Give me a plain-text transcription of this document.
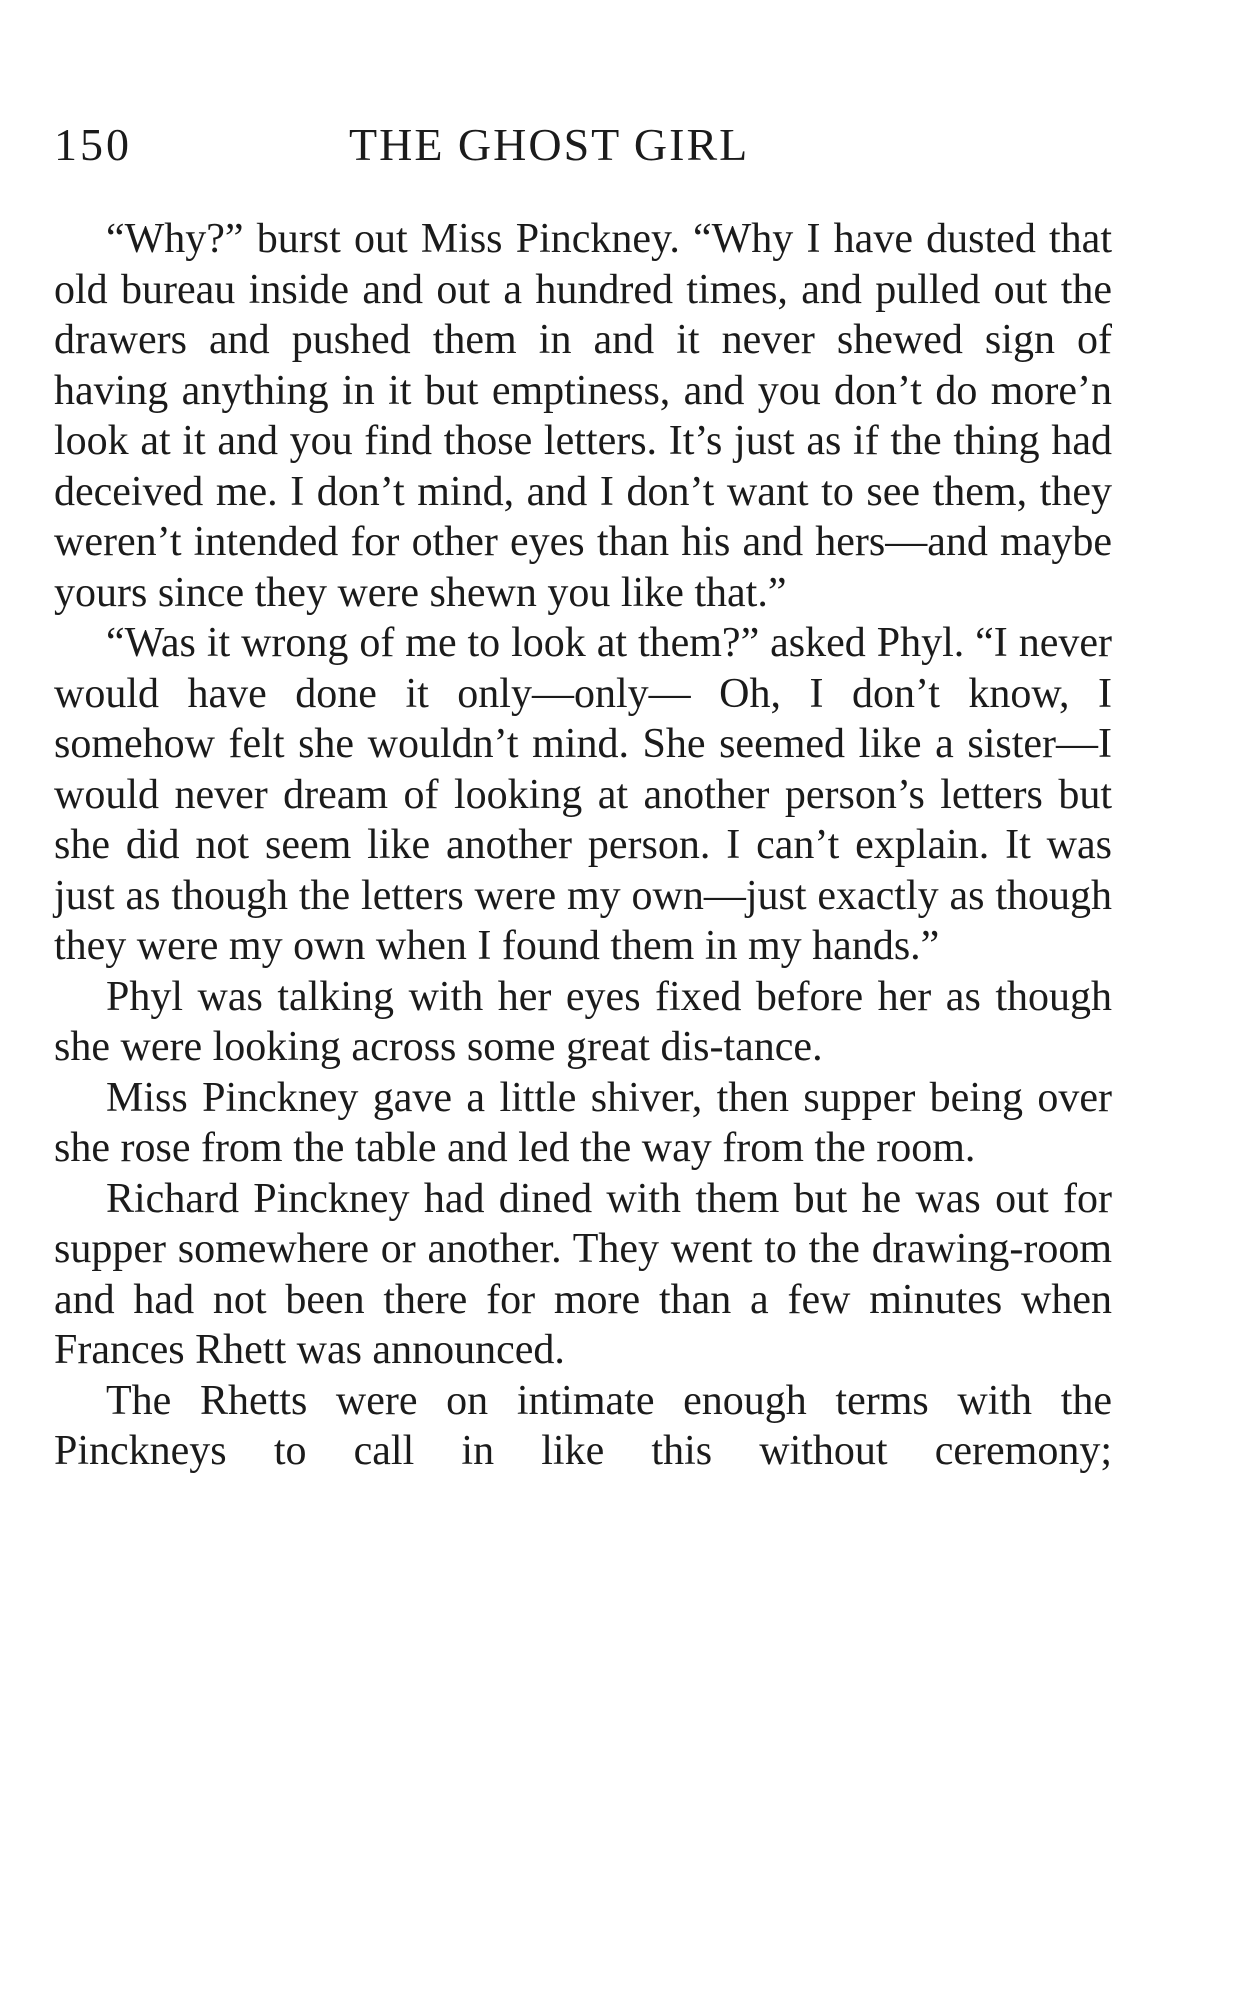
150	THE GHOST GIRL

“Why?” burst out Miss Pinckney. “Why I have dusted that old bureau inside and out a hundred times, and pulled out the drawers and pushed them in and it never shewed sign of having anything in it but emptiness, and you don’t do more’n look at it and you find those letters. It’s just as if the thing had deceived me. I don’t mind, and I don’t want to see them, they weren’t intended for other eyes than his and hers—and maybe yours since they were shewn you like that.”

“Was it wrong of me to look at them?” asked Phyl. “I never would have done it only—only— Oh, I don’t know, I somehow felt she wouldn’t mind. She seemed like a sister—I would never dream of looking at another person’s letters but she did not seem like another person. I can’t explain. It was just as though the letters were my own—just exactly as though they were my own when I found them in my hands.”

Phyl was talking with her eyes fixed before her as though she were looking across some great dis-tance.

Miss Pinckney gave a little shiver, then supper being over she rose from the table and led the way from the room.

Richard Pinckney had dined with them but he was out for supper somewhere or another. They went to the drawing-room and had not been there for more than a few minutes when Frances Rhett was announced.

The Rhetts were on intimate enough terms with the Pinckneys to call in like this without ceremony;
